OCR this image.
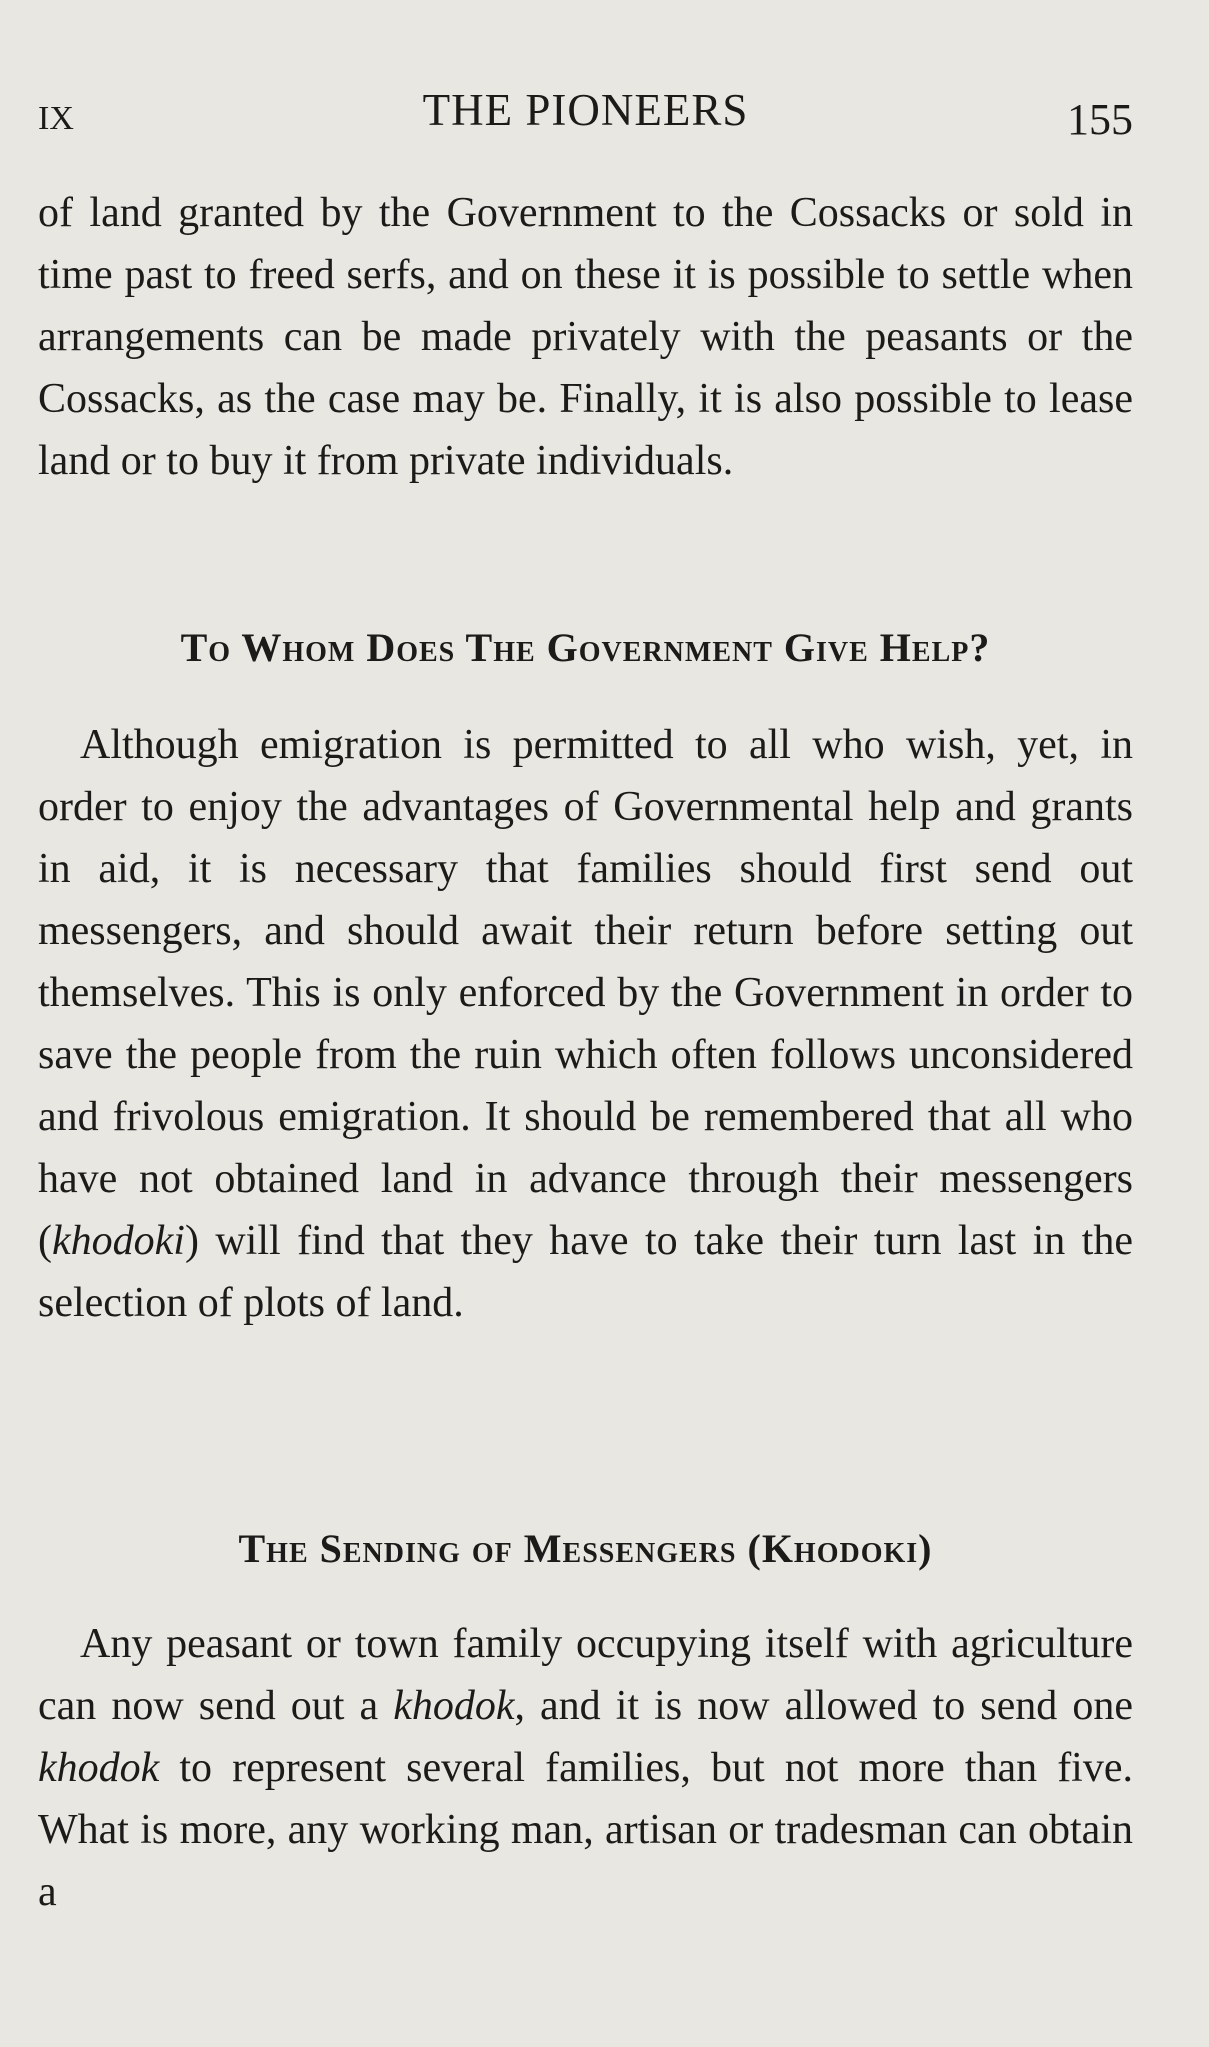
IX	THE PIONEERS	155

of land granted by the Government to the Cossacks or sold in time past to freed serfs, and on these it is possible to settle when arrangements can be made privately with the peasants or the Cossacks, as the case may be. Finally, it is also possible to lease land or to buy it from private individuals.

To Whom Does The Government Give Help?

Although emigration is permitted to all who wish, yet, in order to enjoy the advantages of Governmental help and grants in aid, it is necessary that families should first send out messengers, and should await their return before setting out themselves. This is only enforced by the Government in order to save the people from the ruin which often follows unconsidered and frivolous emigration. It should be remembered that all who have not obtained land in advance through their messengers (khodoki) will find that they have to take their turn last in the selection of plots of land.

The Sending of Messengers (Khodoki)

Any peasant or town family occupying itself with agriculture can now send out a khodok, and it is now allowed to send one khodok to represent several families, but not more than five. What is more, any working man, artisan or tradesman can obtain a
